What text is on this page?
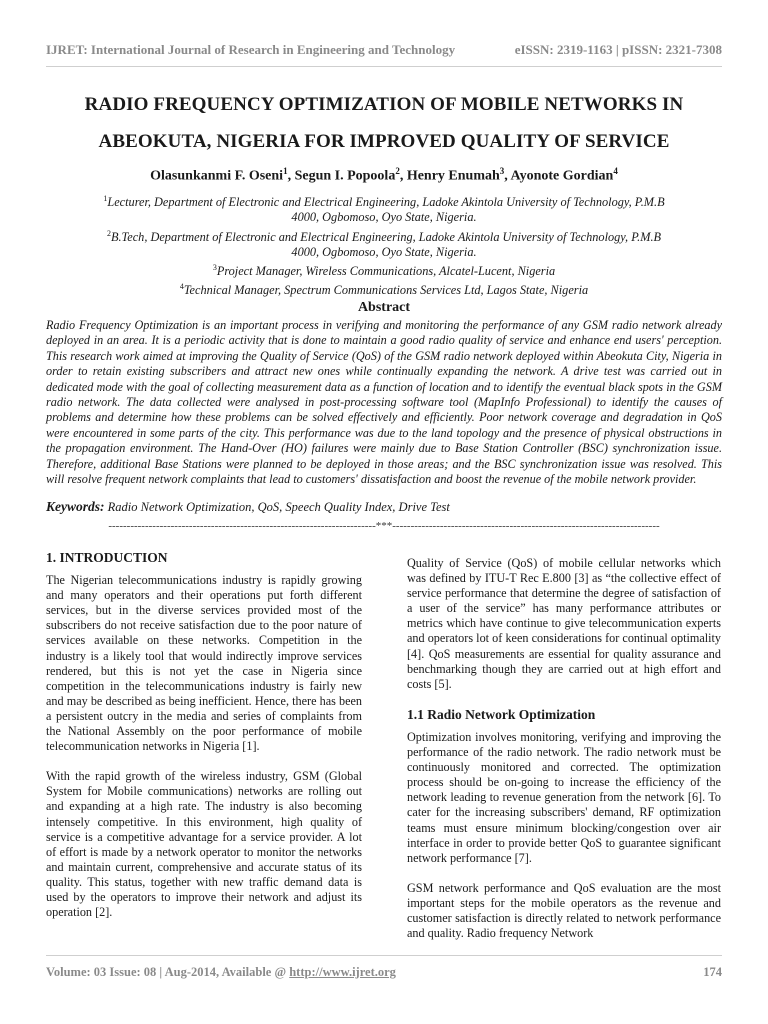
IJRET: International Journal of Research in Engineering and Technology	eISSN: 2319-1163 | pISSN: 2321-7308
RADIO FREQUENCY OPTIMIZATION OF MOBILE NETWORKS IN
ABEOKUTA, NIGERIA FOR IMPROVED QUALITY OF SERVICE
Olasunkanmi F. Oseni$^1$, Segun I. Popoola$^2$, Henry Enumah$^3$, Ayonote Gordian$^4$
$^1$Lecturer, Department of Electronic and Electrical Engineering, Ladoke Akintola University of Technology, P.M.B
4000, Ogbomoso, Oyo State, Nigeria.
$^2$B.Tech, Department of Electronic and Electrical Engineering, Ladoke Akintola University of Technology, P.M.B
4000, Ogbomoso, Oyo State, Nigeria.
$^3$Project Manager, Wireless Communications, Alcatel-Lucent, Nigeria
$^4$Technical Manager, Spectrum Communications Services Ltd, Lagos State, Nigeria
Abstract
Radio Frequency Optimization is an important process in verifying and monitoring the performance of any GSM radio network already deployed in an area. It is a periodic activity that is done to maintain a good radio quality of service and enhance end users' perception. This research work aimed at improving the Quality of Service (QoS) of the GSM radio network deployed within Abeokuta City, Nigeria in order to retain existing subscribers and attract new ones while continually expanding the network. A drive test was carried out in dedicated mode with the goal of collecting measurement data as a function of location and to identify the eventual black spots in the GSM radio network. The data collected were analysed in post-processing software tool (MapInfo Professional) to identify the causes of problems and determine how these problems can be solved effectively and efficiently. Poor network coverage and degradation in QoS were encountered in some parts of the city. This performance was due to the land topology and the presence of physical obstructions in the propagation environment. The Hand-Over (HO) failures were mainly due to Base Station Controller (BSC) synchronization issue. Therefore, additional Base Stations were planned to be deployed in those areas; and the BSC synchronization issue was resolved. This will resolve frequent network complaints that lead to customers' dissatisfaction and boost the revenue of the mobile network provider.
Keywords: Radio Network Optimization, QoS, Speech Quality Index, Drive Test
-------------------------------------------------------------------------***-------------------------------------------------------------------------
1. INTRODUCTION

The Nigerian telecommunications industry is rapidly growing and many operators and their operations put forth different services, but in the diverse services provided most of the subscribers do not receive satisfaction due to the poor nature of services available on these networks. Competition in the industry is a likely tool that would indirectly improve services rendered, but this is not yet the case in Nigeria since competition in the telecommunications industry is fairly new and may be described as being inefficient. Hence, there has been a persistent outcry in the media and series of complaints from the National Assembly on the poor performance of mobile telecommunication networks in Nigeria [1].

With the rapid growth of the wireless industry, GSM (Global System for Mobile communications) networks are rolling out and expanding at a high rate. The industry is also becoming intensely competitive. In this environment, high quality of service is a competitive advantage for a service provider. A lot of effort is made by a network operator to monitor the networks and maintain current, comprehensive and accurate status of its quality. This status, together with new traffic demand data is used by the operators to improve their network and adjust its operation [2].

Quality of Service (QoS) of mobile cellular networks which was defined by ITU-T Rec E.800 [3] as “the collective effect of service performance that determine the degree of satisfaction of a user of the service” has many performance attributes or metrics which have continue to give telecommunication experts and operators lot of keen considerations for continual optimality [4]. QoS measurements are essential for quality assurance and benchmarking though they are carried out at high effort and costs [5].

1.1 Radio Network Optimization

Optimization involves monitoring, verifying and improving the performance of the radio network. The radio network must be continuously monitored and corrected. The optimization process should be on-going to increase the efficiency of the network leading to revenue generation from the network [6]. To cater for the increasing subscribers' demand, RF optimization teams must ensure minimum blocking/congestion over air interface in order to provide better QoS to guarantee significant network performance [7].

GSM network performance and QoS evaluation are the most important steps for the mobile operators as the revenue and customer satisfaction is directly related to network performance and quality. Radio frequency Network

Volume: 03 Issue: 08 | Aug-2014, Available @ http://www.ijret.org	174
